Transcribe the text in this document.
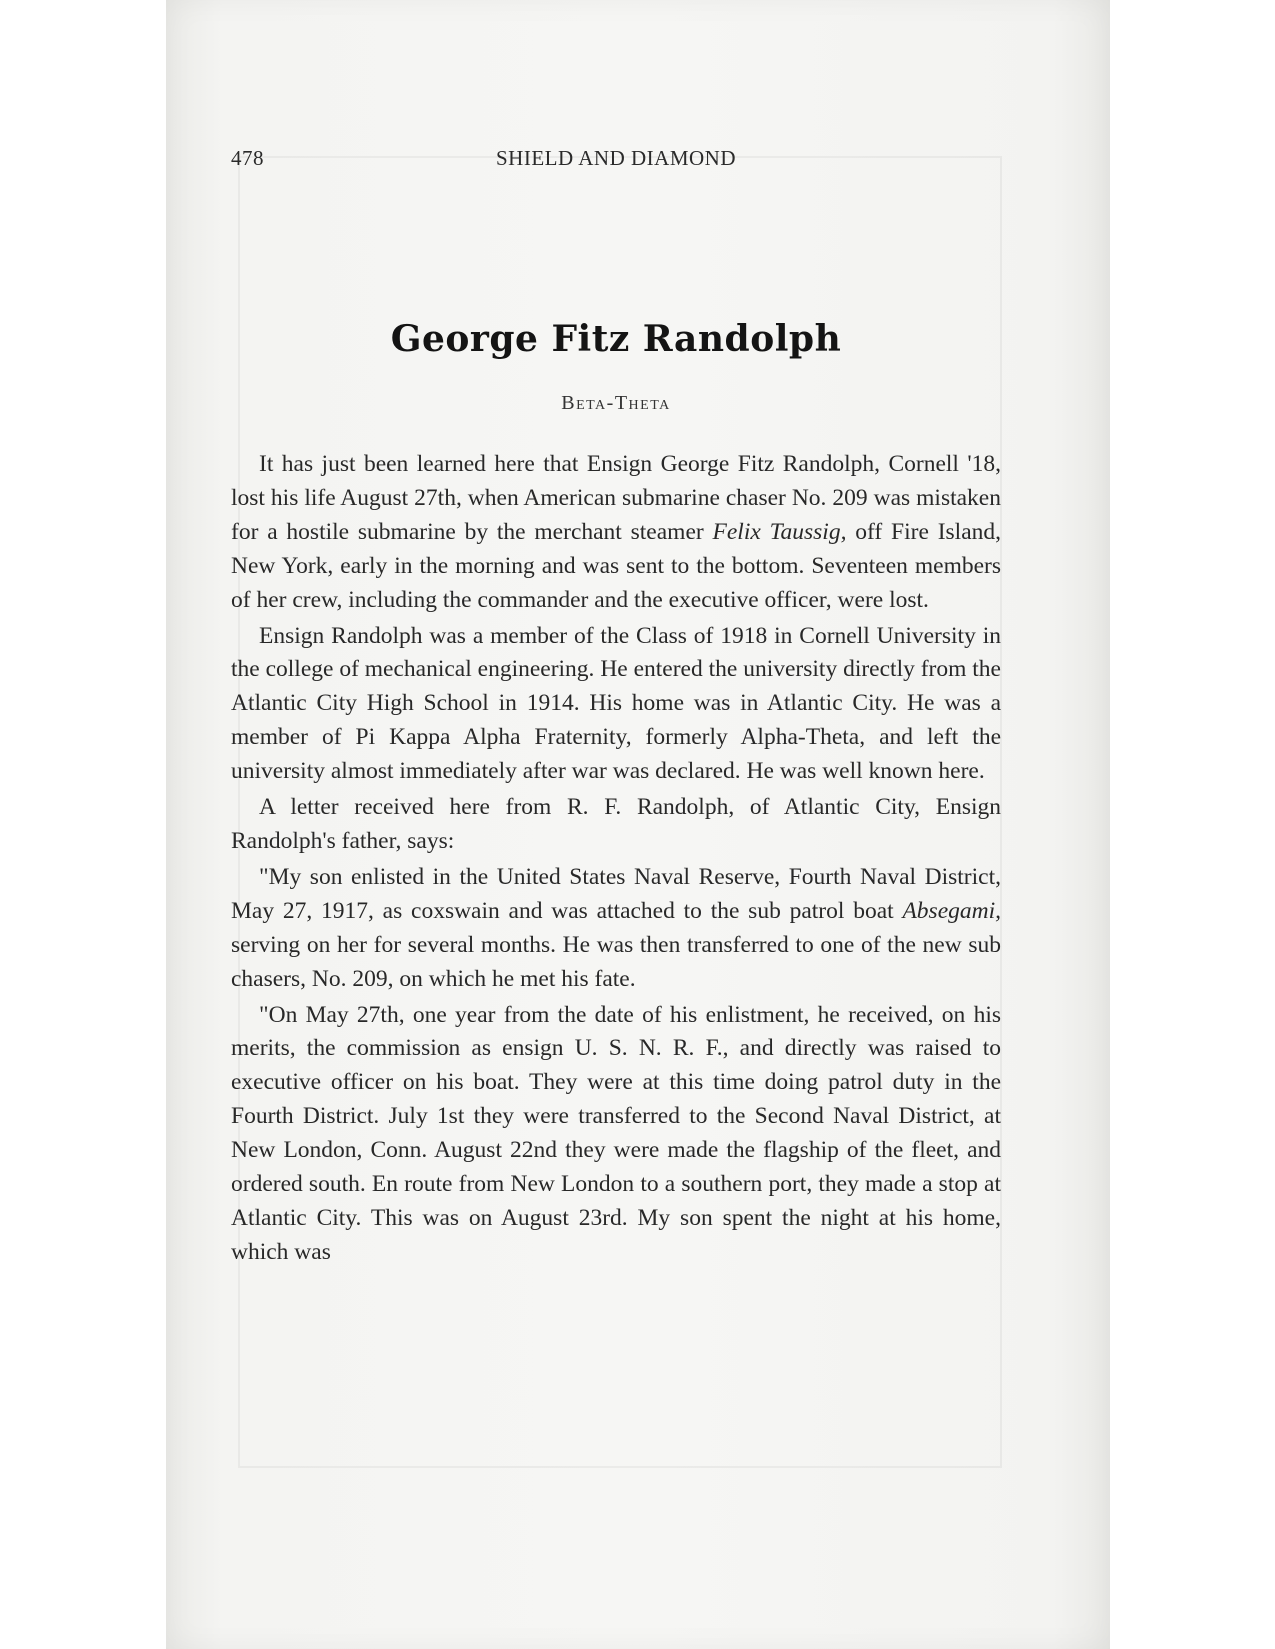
478	SHIELD AND DIAMOND
George Fitz Randolph
Beta-Theta

It has just been learned here that Ensign George Fitz Randolph, Cornell '18, lost his life August 27th, when American submarine chaser No. 209 was mistaken for a hostile submarine by the merchant steamer Felix Taussig, off Fire Island, New York, early in the morning and was sent to the bottom. Seventeen members of her crew, including the commander and the executive officer, were lost.

Ensign Randolph was a member of the Class of 1918 in Cornell University in the college of mechanical engineering. He entered the university directly from the Atlantic City High School in 1914. His home was in Atlantic City. He was a member of Pi Kappa Alpha Fraternity, formerly Alpha-Theta, and left the university almost immediately after war was declared. He was well known here.

A letter received here from R. F. Randolph, of Atlantic City, Ensign Randolph's father, says:

"My son enlisted in the United States Naval Reserve, Fourth Naval District, May 27, 1917, as coxswain and was attached to the sub patrol boat Absegami, serving on her for several months. He was then transferred to one of the new sub chasers, No. 209, on which he met his fate.

"On May 27th, one year from the date of his enlistment, he received, on his merits, the commission as ensign U. S. N. R. F., and directly was raised to executive officer on his boat. They were at this time doing patrol duty in the Fourth District. July 1st they were transferred to the Second Naval District, at New London, Conn. August 22nd they were made the flagship of the fleet, and ordered south. En route from New London to a southern port, they made a stop at Atlantic City. This was on August 23rd. My son spent the night at his home, which was
